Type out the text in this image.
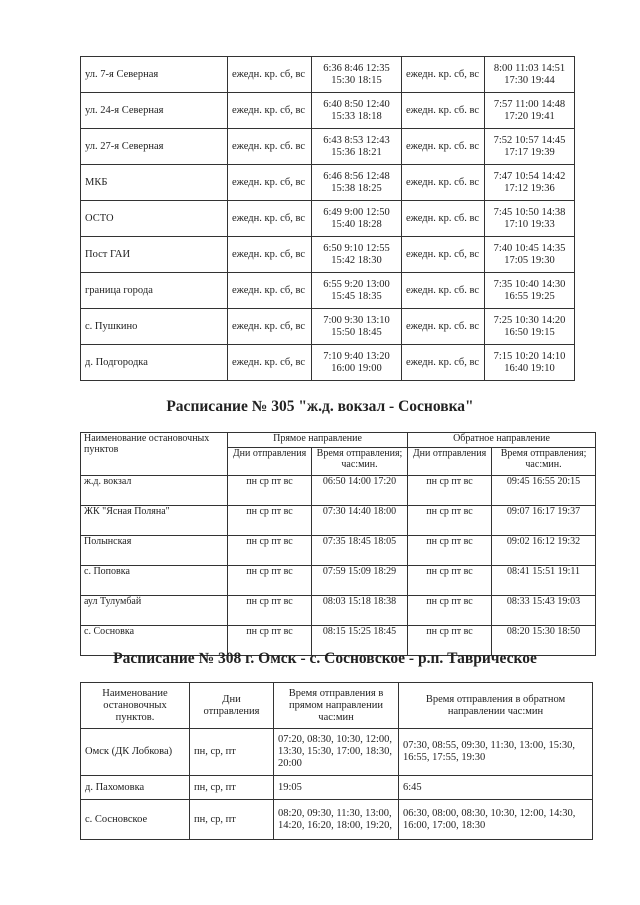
ул. 7-я Северная	ежедн. кр. сб, вс	6:36 8:46 12:35 15:30 18:15	ежедн. кр. сб, вс	8:00 11:03 14:51 17:30 19:44
ул. 24-я Северная	ежедн. кр. сб, вс	6:40 8:50 12:40 15:33 18:18	ежедн. кр. сб. вс	7:57 11:00 14:48 17:20 19:41
ул. 27-я Северная	ежедн. кр. сб. вс	6:43 8:53 12:43 15:36 18:21	ежедн. кр. сб. вс	7:52 10:57 14:45 17:17 19:39
МКБ	ежедн. кр. сб, вс	6:46 8:56 12:48 15:38 18:25	ежедн. кр. сб. вс	7:47 10:54 14:42 17:12 19:36
ОСТО	ежедн. кр. сб, вс	6:49 9:00 12:50 15:40 18:28	ежедн. кр. сб. вс	7:45 10:50 14:38 17:10 19:33
Пост ГАИ	ежедн. кр. сб, вс	6:50 9:10 12:55 15:42 18:30	ежедн. кр. сб, вс	7:40 10:45 14:35 17:05 19:30
граница города	ежедн. кр. сб, вс	6:55 9:20 13:00 15:45 18:35	ежедн. кр. сб. вс	7:35 10:40 14:30 16:55 19:25
с. Пушкино	ежедн. кр. сб, вс	7:00 9:30 13:10 15:50 18:45	ежедн. кр. сб. вс	7:25 10:30 14:20 16:50 19:15
д. Подгородка	ежедн. кр. сб, вс	7:10 9:40 13:20 16:00 19:00	ежедн. кр. сб, вс	7:15 10:20 14:10 16:40 19:10
Расписание № 305 "ж.д. вокзал - Сосновка"
Наименование остановочных пунктов	Прямое направление		Обратное направление	
	Дни отправления	Время отправления; час:мин.	Дни отправления	Время отправления; час:мин.
ж.д. вокзал	пн ср пт вс	06:50 14:00 17:20	пн ср пт вс	09:45 16:55 20:15
ЖК "Ясная Поляна"	пн ср пт вс	07:30 14:40 18:00	пн ср пт вс	09:07 16:17 19:37
Полынская	пн ср пт вс	07:35 18:45 18:05	пн ср пт вс	09:02 16:12 19:32
с. Поповка	пн ср пт вс	07:59 15:09 18:29	пн ср пт вс	08:41 15:51 19:11
аул Тулумбай	пн ср пт вс	08:03 15:18 18:38	пн ср пт вс	08:33 15:43 19:03
с. Сосновка	пн ср пт вс	08:15 15:25 18:45	пн ср пт вс	08:20 15:30 18:50
Расписание № 308 г. Омск - с. Сосновское - р.п. Таврическое
Наименование остановочных пунктов.	Дни отправления	Время отправления в прямом направлении час:мин	Время отправления в обратном направлении час:мин
Омск (ДК Лобкова)	пн, ср, пт	07:20, 08:30, 10:30, 12:00, 13:30, 15:30, 17:00, 18:30, 20:00	07:30, 08:55, 09:30, 11:30, 13:00, 15:30, 16:55, 17:55, 19:30
д. Пахомовка	пн, ср, пт	19:05	6:45
с. Сосновское	пн, ср, пт	08:20, 09:30, 11:30, 13:00, 14:20, 16:20, 18:00, 19:20,	06:30, 08:00, 08:30, 10:30, 12:00, 14:30, 16:00, 17:00, 18:30
